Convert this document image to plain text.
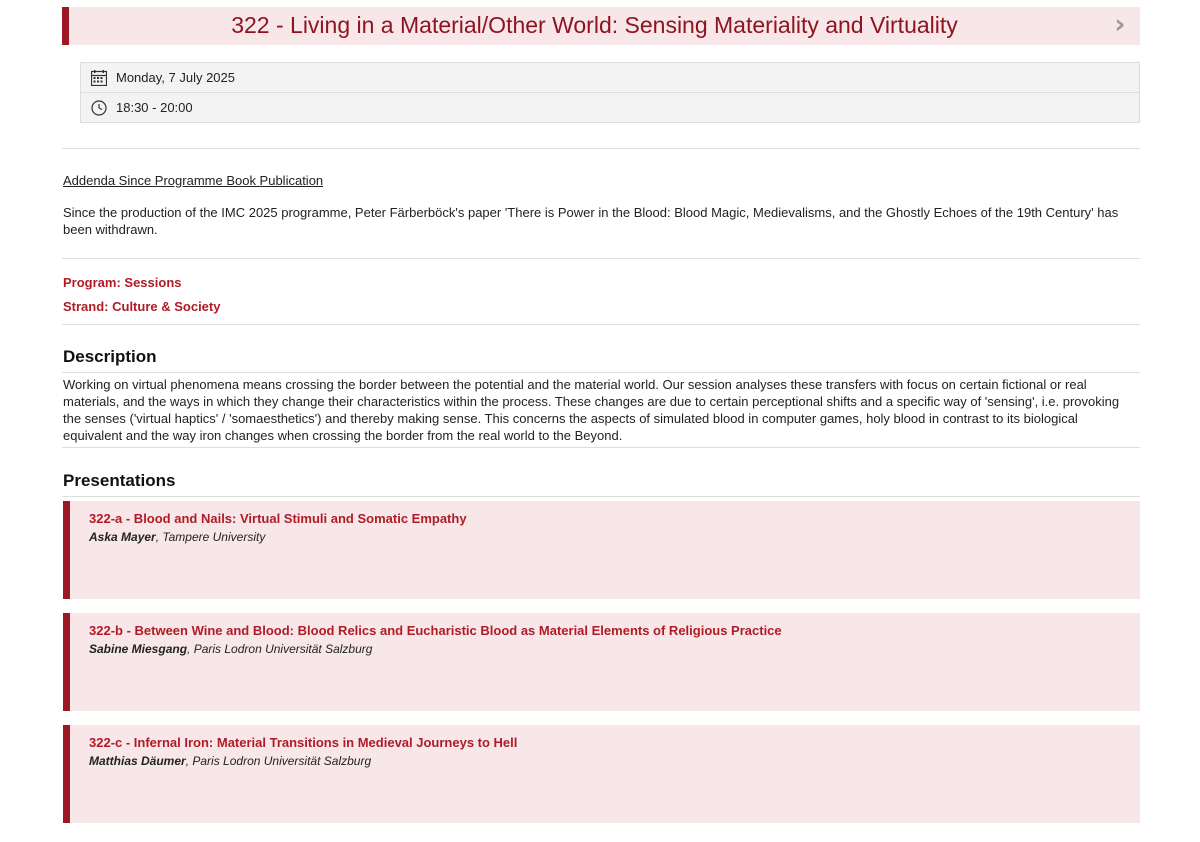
322 - Living in a Material/Other World: Sensing Materiality and Virtuality	›
Monday, 7 July 2025
18:30 - 20:00
Addenda Since Programme Book Publication
Since the production of the IMC 2025 programme, Peter Färberböck's paper 'There is Power in the Blood: Blood Magic, Medievalisms, and the Ghostly Echoes of the 19th Century' has been withdrawn.
Program: Sessions
Strand: Culture & Society
Description
Working on virtual phenomena means crossing the border between the potential and the material world. Our session analyses these transfers with focus on certain fictional or real materials, and the ways in which they change their characteristics within the process. These changes are due to certain perceptional shifts and a specific way of 'sensing', i.e. provoking the senses ('virtual haptics' / 'somaesthetics') and thereby making sense. This concerns the aspects of simulated blood in computer games, holy blood in contrast to its biological equivalent and the way iron changes when crossing the border from the real world to the Beyond.
Presentations
322-a - Blood and Nails: Virtual Stimuli and Somatic Empathy
Aska Mayer, Tampere University
322-b - Between Wine and Blood: Blood Relics and Eucharistic Blood as Material Elements of Religious Practice
Sabine Miesgang, Paris Lodron Universität Salzburg
322-c - Infernal Iron: Material Transitions in Medieval Journeys to Hell
Matthias Däumer, Paris Lodron Universität Salzburg
